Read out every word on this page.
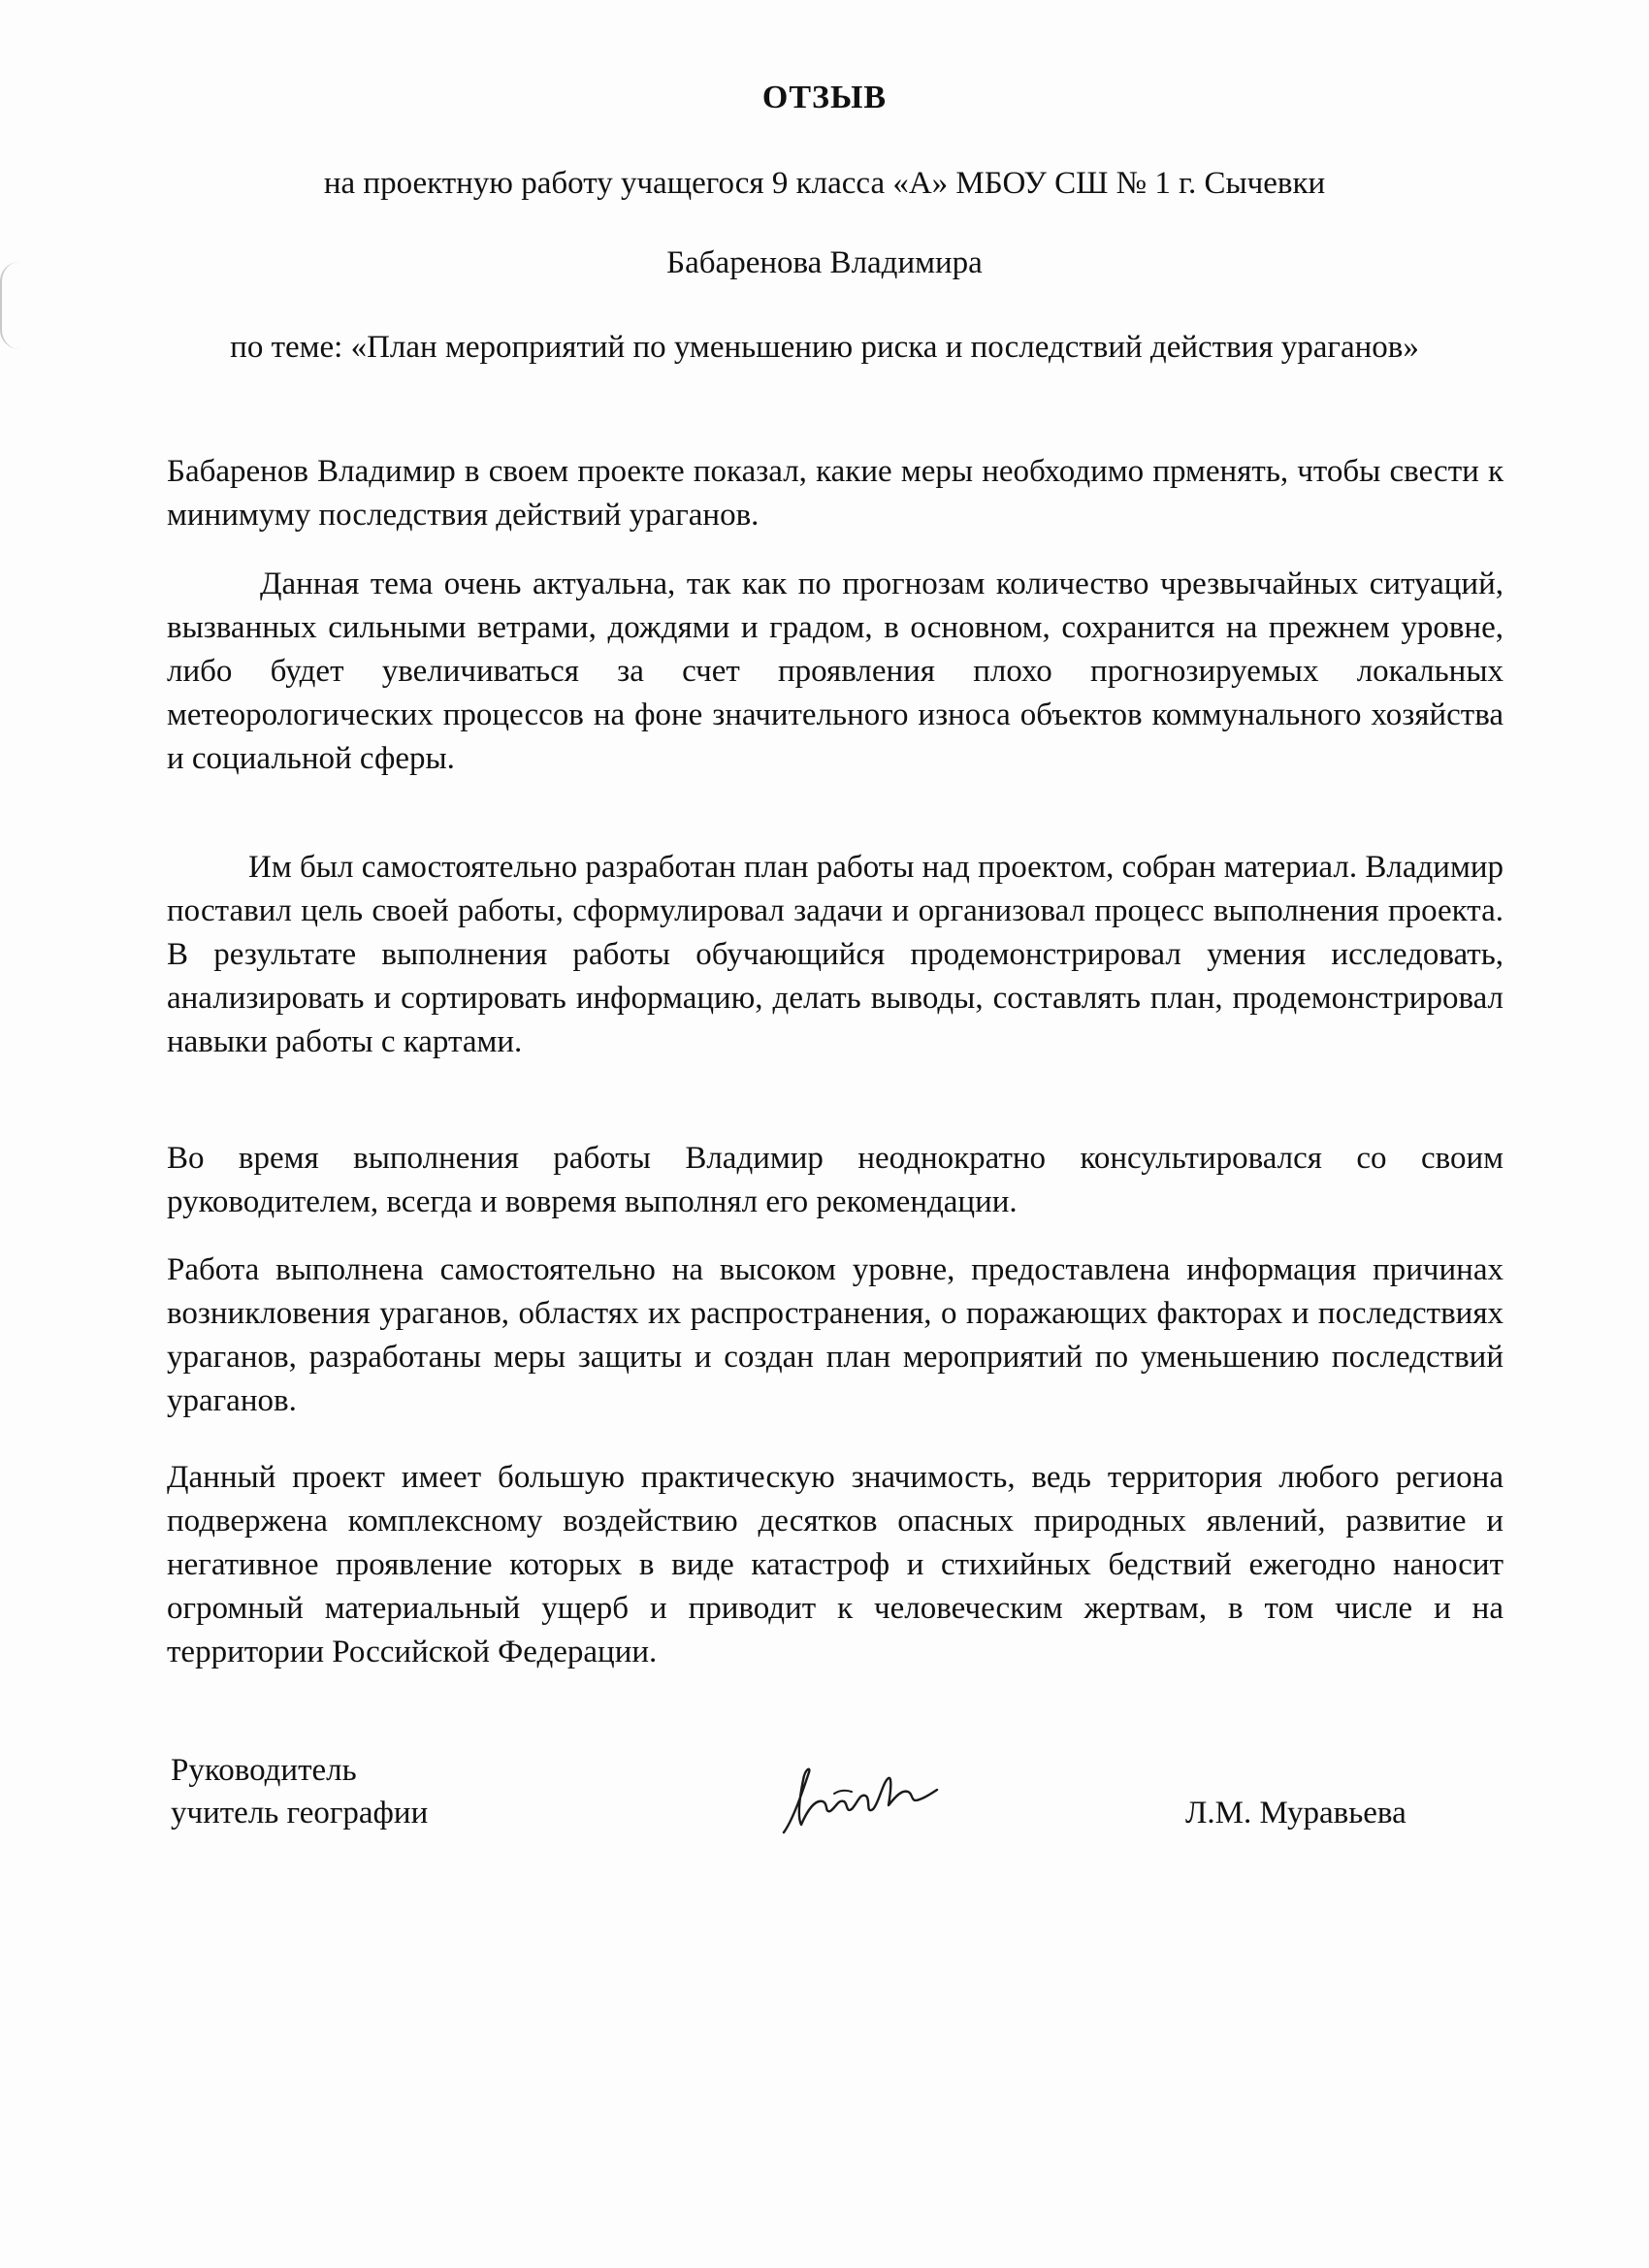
ОТЗЫВ
на проектную работу учащегося 9 класса «А» МБОУ СШ № 1 г. Сычевки
Бабаренова Владимира
по теме: «План мероприятий по уменьшению риска и последствий действия ураганов»

Бабаренов Владимир в своем проекте показал, какие меры необходимо прменять, чтобы свести к минимуму последствия действий ураганов.

Данная тема очень актуальна, так как по прогнозам количество чрезвычайных ситуаций, вызванных сильными ветрами, дождями и градом, в основном, сохранится на прежнем уровне, либо будет увеличиваться за счет проявления плохо прогнозируемых локальных метеорологических процессов на фоне значительного износа объектов коммунального хозяйства и социальной сферы.

Им был самостоятельно разработан план работы над проектом, собран материал. Владимир поставил цель своей работы, сформулировал задачи и организовал процесс выполнения проекта. В результате выполнения работы обучающийся продемонстрировал умения исследовать, анализировать и сортировать информацию, делать выводы, составлять план, продемонстрировал навыки работы с картами.

Во время выполнения работы Владимир неоднократно консультировался со своим руководителем, всегда и вовремя выполнял его рекомендации.

Работа выполнена самостоятельно на высоком уровне, предоставлена информация причинах возникловения ураганов, областях их распространения, о поражающих факторах и последствиях ураганов, разработаны меры защиты и создан план мероприятий по уменьшению последствий ураганов.

Данный проект имеет большую практическую значимость, ведь территория любого региона подвержена комплексному воздействию десятков опасных природных явлений, развитие и негативное проявление которых в виде катастроф и стихийных бедствий ежегодно наносит огромный материальный ущерб и приводит к человеческим жертвам, в том числе и на территории Российской Федерации.

Руководитель
учитель географии	Л.М. Муравьева
